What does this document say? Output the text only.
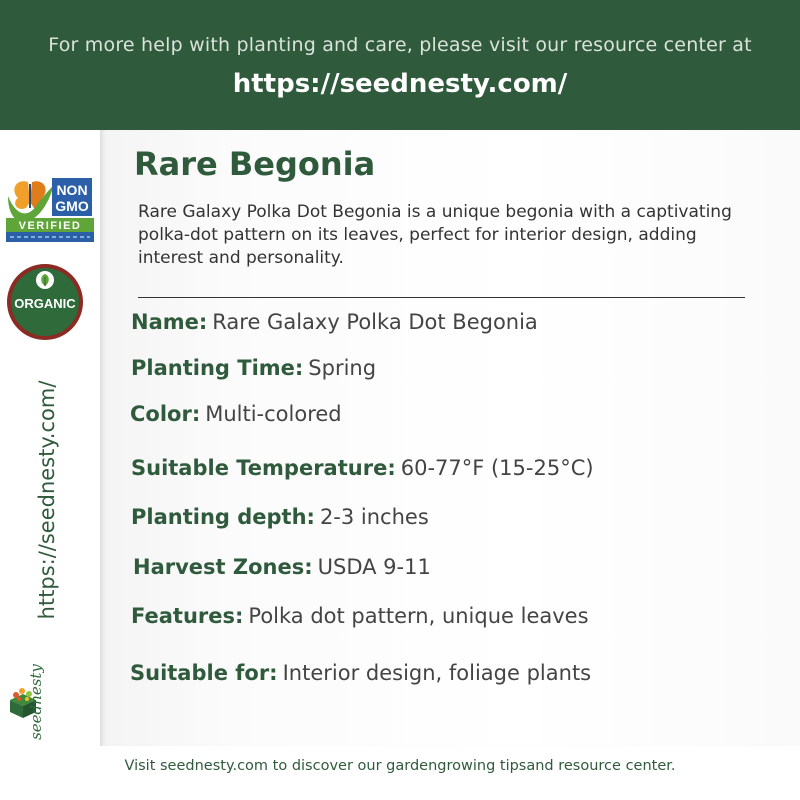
For more help with planting and care, please visit our resource center at
https://seednesty.com/
NON
GMO
VERIFIED
ORGANIC
https://seednesty.com/
seednesty
Rare Begonia
Rare Galaxy Polka Dot Begonia is a unique begonia with a captivating polka-dot pattern on its leaves, perfect for interior design, adding interest and personality.
Name: Rare Galaxy Polka Dot Begonia
Planting Time: Spring
Color: Multi-colored
Suitable Temperature: 60-77°F (15-25°C)
Planting depth: 2-3 inches
Harvest Zones: USDA 9-11
Features: Polka dot pattern, unique leaves
Suitable for: Interior design, foliage plants
Visit seednesty.com to discover our gardengrowing tipsand resource center.
